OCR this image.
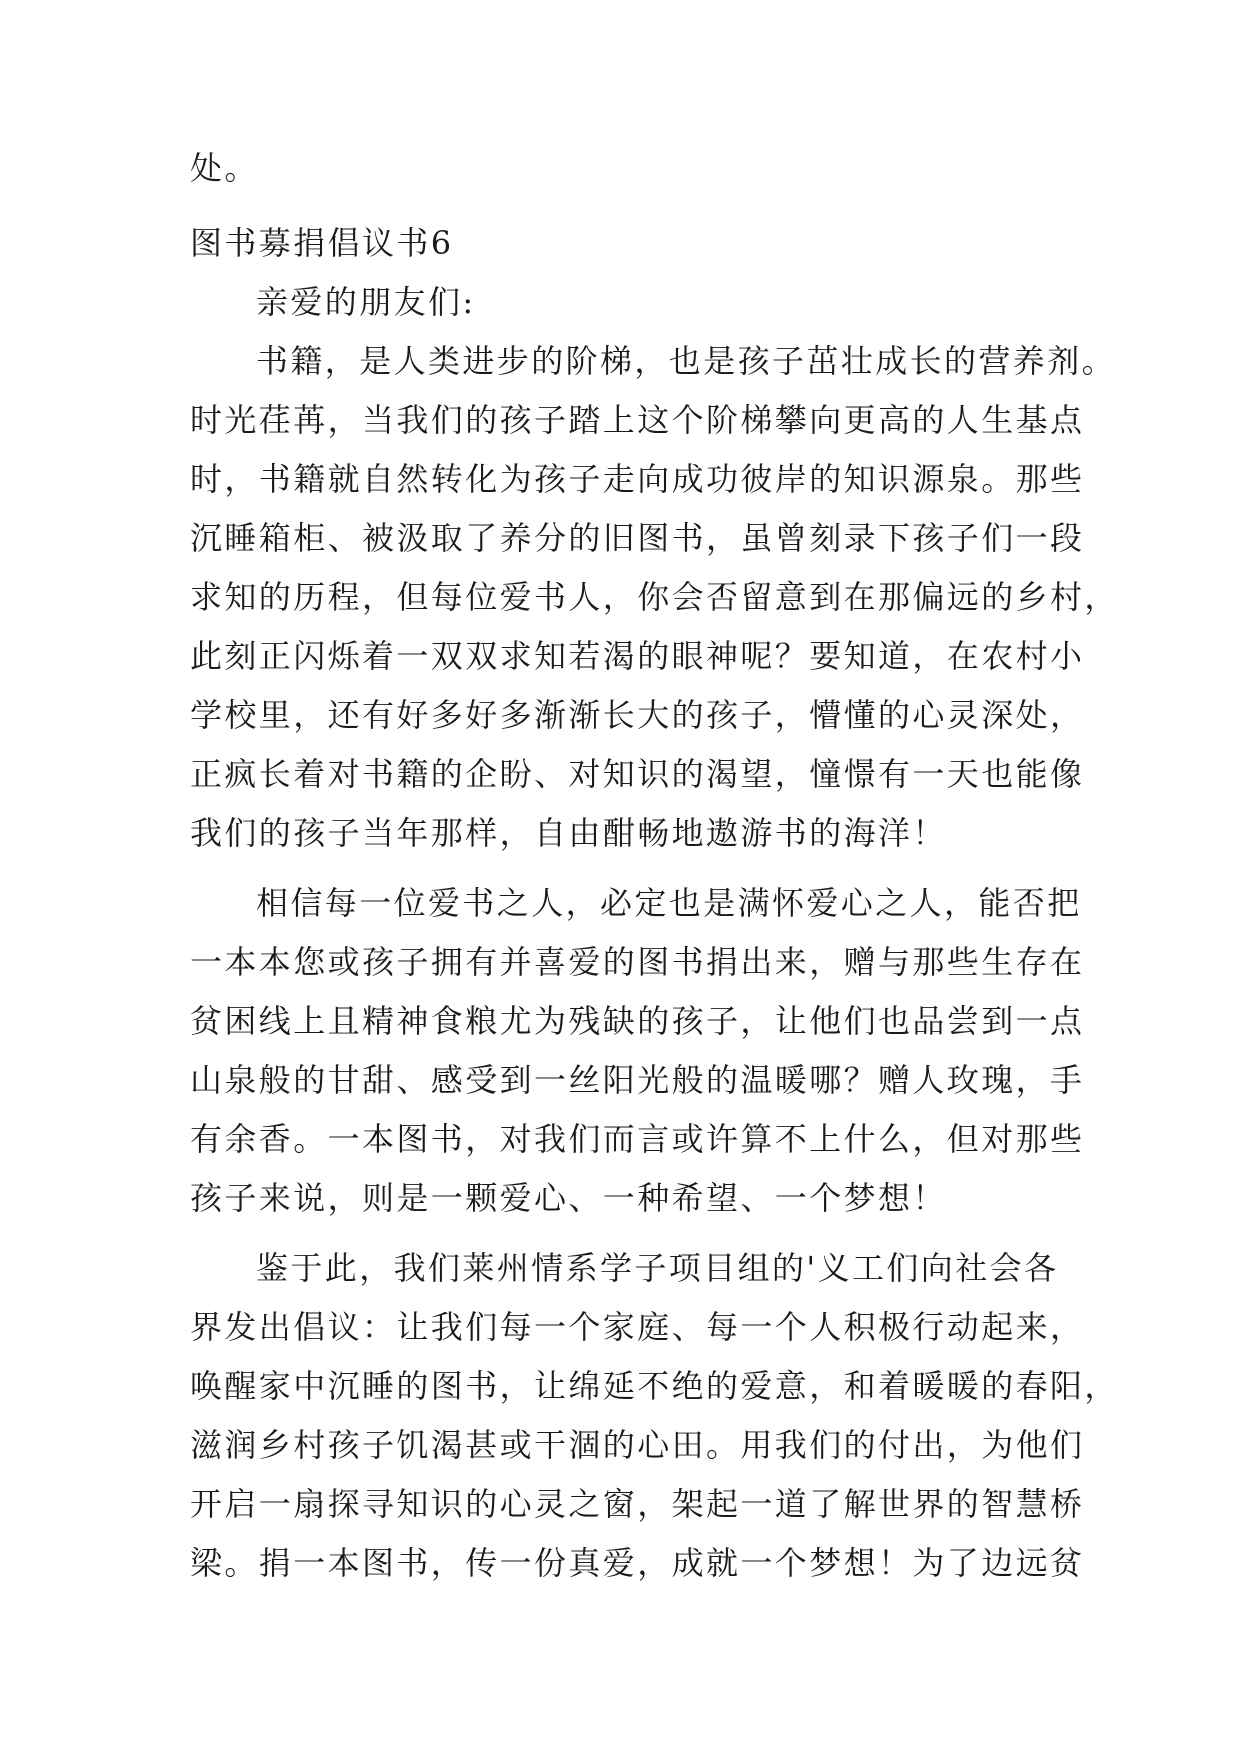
处。
图书募捐倡议书6
亲爱的朋友们:
书籍，是人类进步的阶梯，也是孩子茁壮成长的营养剂。
时光荏苒，当我们的孩子踏上这个阶梯攀向更高的人生基点
时，书籍就自然转化为孩子走向成功彼岸的知识源泉。那些
沉睡箱柜、被汲取了养分的旧图书，虽曾刻录下孩子们一段
求知的历程，但每位爱书人，你会否留意到在那偏远的乡村，
此刻正闪烁着一双双求知若渴的眼神呢？要知道，在农村小
学校里，还有好多好多渐渐长大的孩子，懵懂的心灵深处，
正疯长着对书籍的企盼、对知识的渴望，憧憬有一天也能像
我们的孩子当年那样，自由酣畅地遨游书的海洋！
相信每一位爱书之人，必定也是满怀爱心之人，能否把
一本本您或孩子拥有并喜爱的图书捐出来，赠与那些生存在
贫困线上且精神食粮尤为残缺的孩子，让他们也品尝到一点
山泉般的甘甜、感受到一丝阳光般的温暖哪？赠人玫瑰，手
有余香。一本图书，对我们而言或许算不上什么，但对那些
孩子来说，则是一颗爱心、一种希望、一个梦想！
鉴于此，我们莱州情系学子项目组的'义工们向社会各
界发出倡议：让我们每一个家庭、每一个人积极行动起来，
唤醒家中沉睡的图书，让绵延不绝的爱意，和着暖暖的春阳，
滋润乡村孩子饥渴甚或干涸的心田。用我们的付出，为他们
开启一扇探寻知识的心灵之窗，架起一道了解世界的智慧桥
梁。捐一本图书，传一份真爱，成就一个梦想！为了边远贫
